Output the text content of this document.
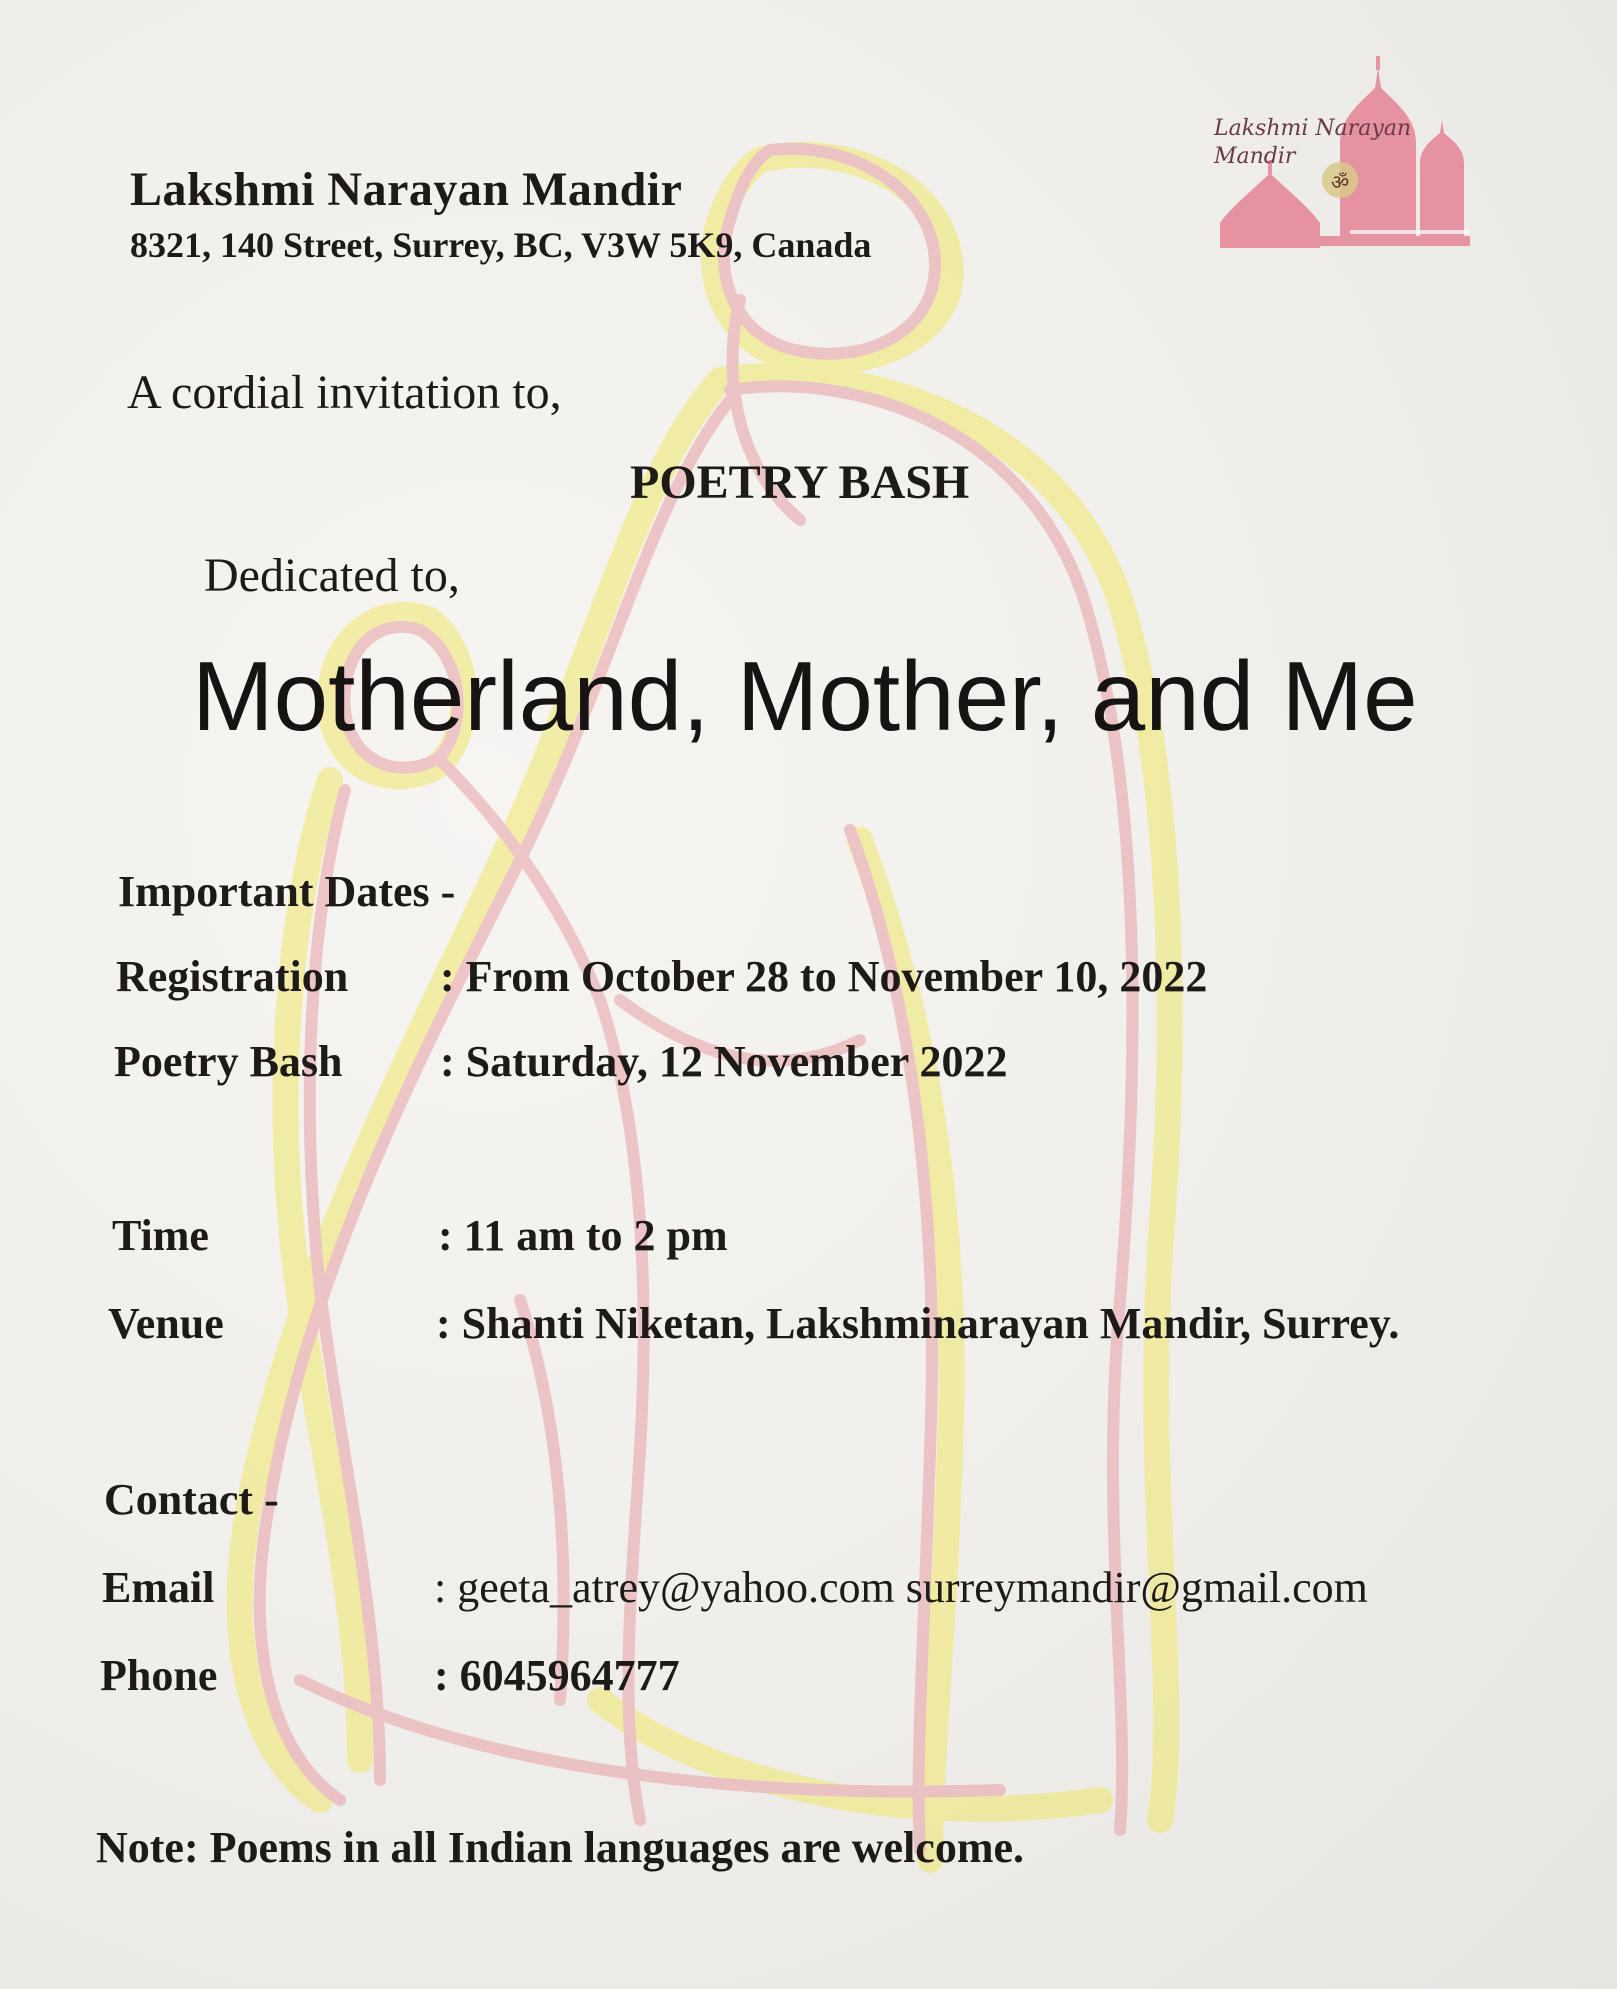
ॐ
Lakshmi Narayan
Mandir
Lakshmi Narayan Mandir
8321, 140 Street, Surrey, BC, V3W 5K9, Canada
A cordial invitation to,
POETRY BASH
Dedicated to,
Motherland, Mother, and Me
Important Dates -
Registration : From October 28 to November 10, 2022
Poetry Bash : Saturday, 12 November 2022
Time	: 11 am to 2 pm
Venue	: Shanti Niketan, Lakshminarayan Mandir, Surrey.
Contact -
Email	: geeta_atrey@yahoo.com surreymandir@gmail.com
Phone	: 6045964777
Note: Poems in all Indian languages are welcome.
